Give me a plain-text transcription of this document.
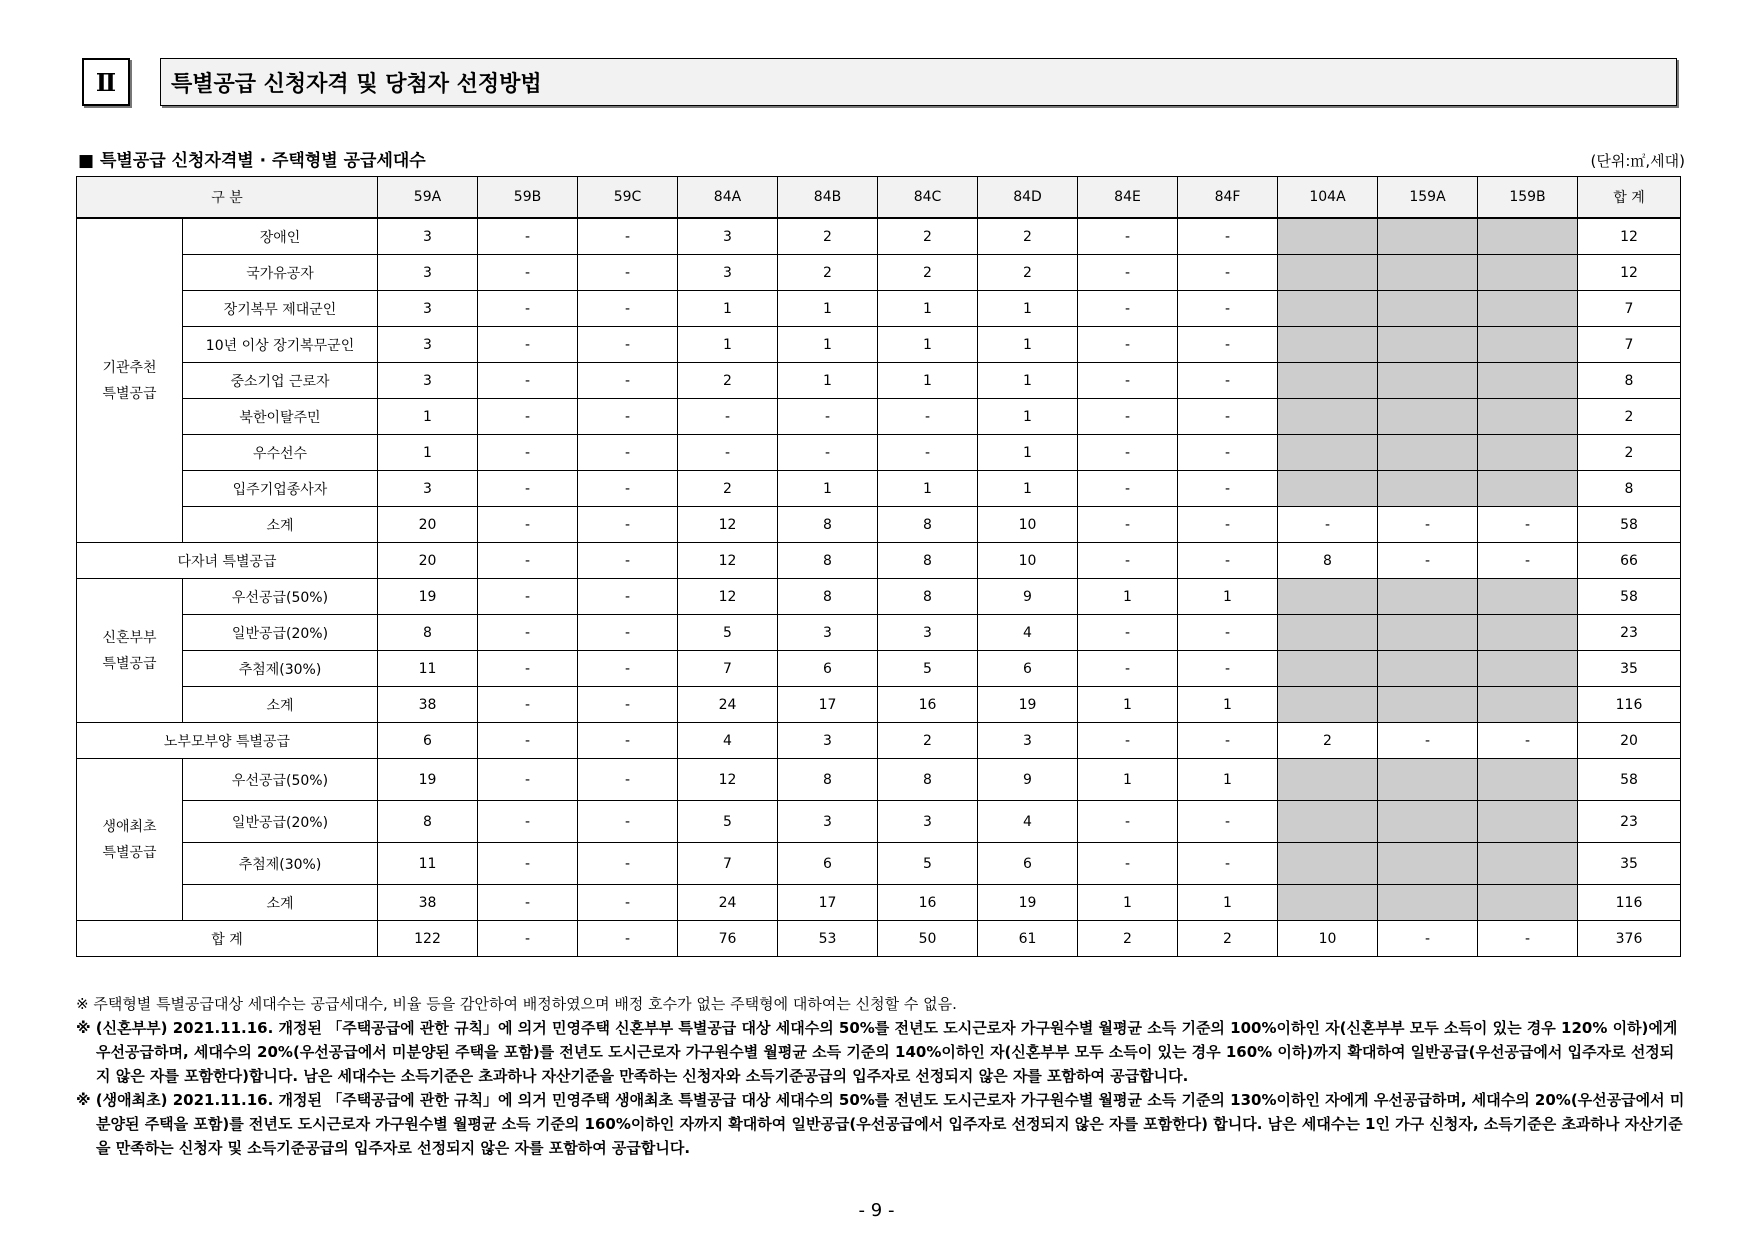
Ⅱ	특별공급 신청자격 및 당첨자 선정방법
■ 특별공급 신청자격별 · 주택형별 공급세대수	(단위:㎡,세대)
구 분		59A	59B	59C	84A	84B	84C	84D	84E	84F	104A	159A	159B	합 계
기관추천
특별공급	장애인	3	-	-	3	2	2	2	-	-				12
	국가유공자	3	-	-	3	2	2	2	-	-				12
	장기복무 제대군인	3	-	-	1	1	1	1	-	-				7
	10년 이상 장기복무군인	3	-	-	1	1	1	1	-	-				7
	중소기업 근로자	3	-	-	2	1	1	1	-	-				8
	북한이탈주민	1	-	-	-	-	-	1	-	-				2
	우수선수	1	-	-	-	-	-	1	-	-				2
	입주기업종사자	3	-	-	2	1	1	1	-	-				8
	소계	20	-	-	12	8	8	10	-	-	-	-	-	58
다자녀 특별공급		20	-	-	12	8	8	10	-	-	8	-	-	66
신혼부부
특별공급	우선공급(50%)	19	-	-	12	8	8	9	1	1				58
	일반공급(20%)	8	-	-	5	3	3	4	-	-				23
	추첨제(30%)	11	-	-	7	6	5	6	-	-				35
	소계	38	-	-	24	17	16	19	1	1				116
노부모부양 특별공급		6	-	-	4	3	2	3	-	-	2	-	-	20
생애최초
특별공급	우선공급(50%)	19	-	-	12	8	8	9	1	1				58
	일반공급(20%)	8	-	-	5	3	3	4	-	-				23
	추첨제(30%)	11	-	-	7	6	5	6	-	-				35
	소계	38	-	-	24	17	16	19	1	1				116
합 계		122	-	-	76	53	50	61	2	2	10	-	-	376

※ 주택형별 특별공급대상 세대수는 공급세대수, 비율 등을 감안하여 배정하였으며 배정 호수가 없는 주택형에 대하여는 신청할 수 없음.

※ (신혼부부) 2021.11.16. 개정된 「주택공급에 관한 규칙」에 의거 민영주택 신혼부부 특별공급 대상 세대수의 50%를 전년도 도시근로자 가구원수별 월평균 소득 기준의 100%이하인 자(신혼부부 모두 소득이 있는 경우 120% 이하)에게 우선공급하며, 세대수의 20%(우선공급에서 미분양된 주택을 포함)를 전년도 도시근로자 가구원수별 월평균 소득 기준의 140%이하인 자(신혼부부 모두 소득이 있는 경우 160% 이하)까지 확대하여 일반공급(우선공급에서 입주자로 선정되지 않은 자를 포함한다)합니다. 남은 세대수는 소득기준은 초과하나 자산기준을 만족하는 신청자와 소득기준공급의 입주자로 선정되지 않은 자를 포함하여 공급합니다.

※ (생애최초) 2021.11.16. 개정된 「주택공급에 관한 규칙」에 의거 민영주택 생애최초 특별공급 대상 세대수의 50%를 전년도 도시근로자 가구원수별 월평균 소득 기준의 130%이하인 자에게 우선공급하며, 세대수의 20%(우선공급에서 미분양된 주택을 포함)를 전년도 도시근로자 가구원수별 월평균 소득 기준의 160%이하인 자까지 확대하여 일반공급(우선공급에서 입주자로 선정되지 않은 자를 포함한다) 합니다. 남은 세대수는 1인 가구 신청자, 소득기준은 초과하나 자산기준을 만족하는 신청자 및 소득기준공급의 입주자로 선정되지 않은 자를 포함하여 공급합니다.

- 9 -
